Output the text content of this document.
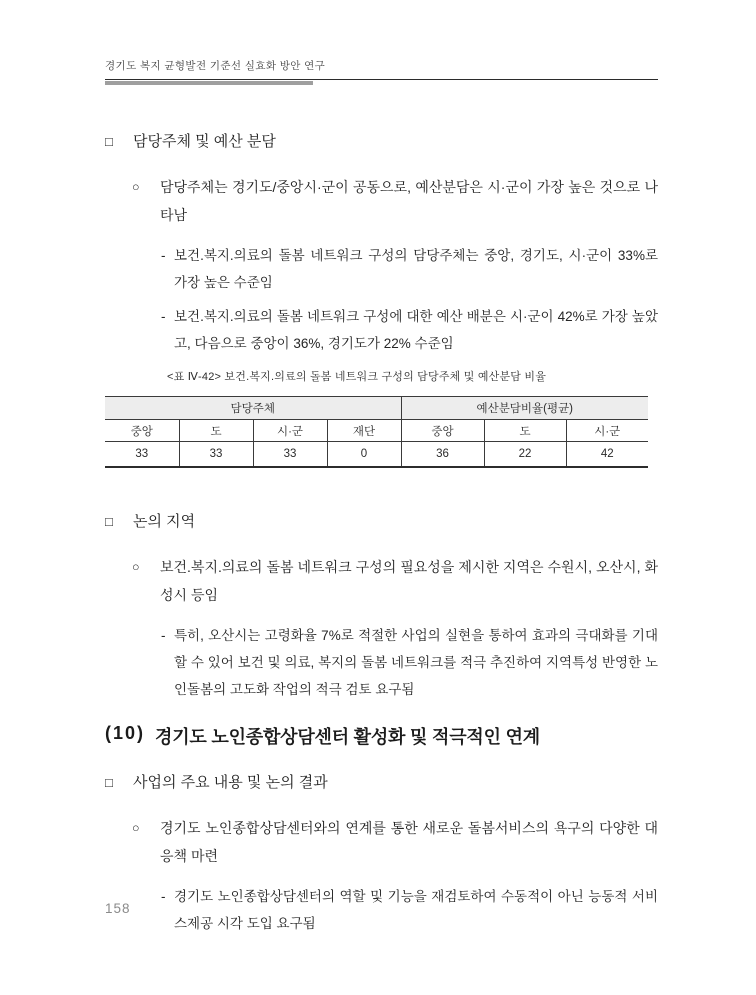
경기도 복지 균형발전 기준선 실효화 방안 연구
□	담당주체 및 예산 분담
○	담당주체는 경기도/중앙시·군이 공동으로, 예산분담은 시·군이 가장 높은 것으로 나타남
- 보건.복지.의료의 돌봄 네트워크 구성의 담당주체는 중앙, 경기도, 시·군이 33%로 가장 높은 수준임
- 보건.복지.의료의 돌봄 네트워크 구성에 대한 예산 배분은 시·군이 42%로 가장 높았고, 다음으로 중앙이 36%, 경기도가 22% 수준임
<표 Ⅳ-42> 보건.복지.의료의 돌봄 네트워크 구성의 담당주체 및 예산분담 비율
담당주체				예산분담비율(평균)		
중앙	도	시·군	재단	중앙	도	시·군
33	33	33	0	36	22	42
□	논의 지역
○	보건.복지.의료의 돌봄 네트워크 구성의 필요성을 제시한 지역은 수원시, 오산시, 화성시 등임
- 특히, 오산시는 고령화율 7%로 적절한 사업의 실현을 통하여 효과의 극대화를 기대할 수 있어 보건 및 의료, 복지의 돌봄 네트워크를 적극 추진하여 지역특성 반영한 노인돌봄의 고도화 작업의 적극 검토 요구됨
(10) 경기도 노인종합상담센터 활성화 및 적극적인 연계
□	사업의 주요 내용 및 논의 결과
○	경기도 노인종합상담센터와의 연계를 통한 새로운 돌봄서비스의 욕구의 다양한 대응책 마련
- 경기도 노인종합상담센터의 역할 및 기능을 재검토하여 수동적이 아닌 능동적 서비스제공 시각 도입 요구됨
158
